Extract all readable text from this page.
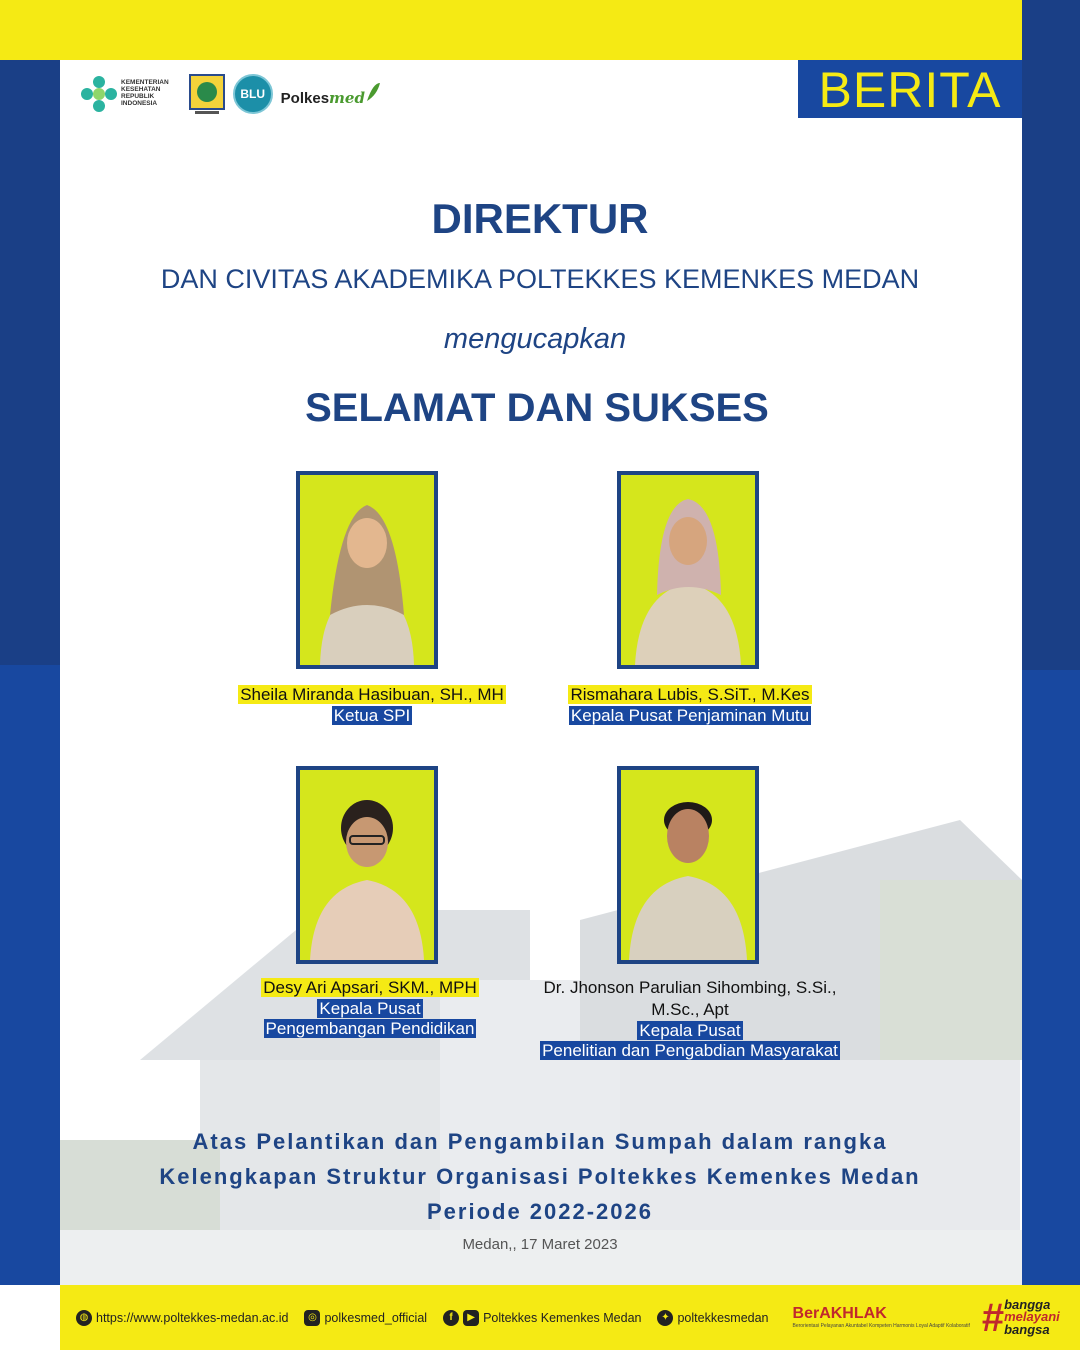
KEMENTERIAN
KESEHATAN
REPUBLIK
INDONESIA
BLU	Polkes med	BERITA
DIREKTUR
DAN CIVITAS AKADEMIKA POLTEKKES KEMENKES MEDAN
mengucapkan
SELAMAT DAN SUKSES
Sheila Miranda Hasibuan, SH., MH
Ketua SPI
Rismahara Lubis, S.SiT., M.Kes
Kepala Pusat Penjaminan Mutu
Desy Ari Apsari, SKM., MPH
Kepala Pusat
Pengembangan Pendidikan
Dr. Jhonson Parulian Sihombing, S.Si.,
M.Sc., Apt
Kepala Pusat
Penelitian dan Pengabdian Masyarakat
Atas Pelantikan dan Pengambilan Sumpah dalam rangka
Kelengkapan Struktur Organisasi Poltekkes Kemenkes Medan
Periode 2022-2026
Medan,, 17 Maret 2023
◍ https://www.poltekkes-medan.ac.id	◎ polkesmed_official	f	▶ Poltekkes Kemenkes Medan	✦ poltekkesmedan BerAKHLAK
Berorientasi Pelayanan Akuntabel Kompeten Harmonis Loyal Adaptif Kolaboratif # bangga
melayani
bangsa
